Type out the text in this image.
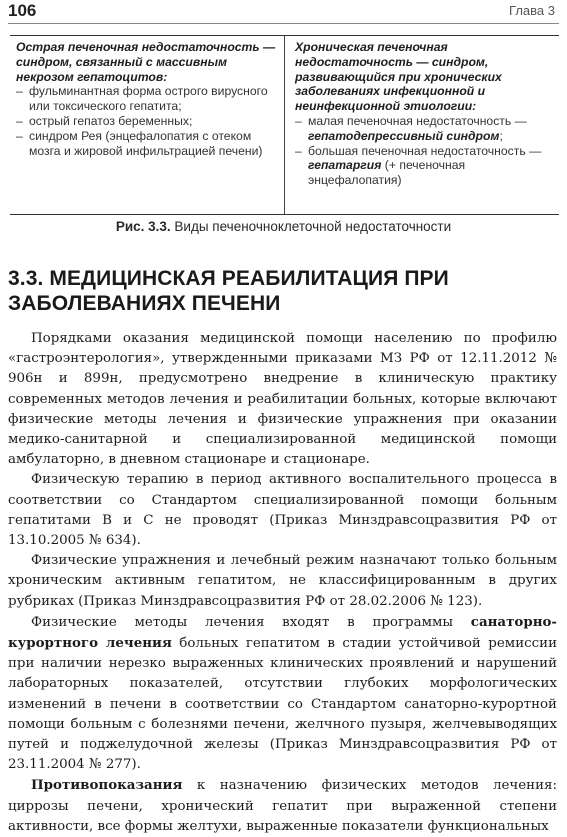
106	Глава 3
Острая печеночная недостаточность — синдром, связанный с массивным некрозом гепатоцитов:
– фульминантная форма острого вирусного или токсического гепатита;
– острый гепатоз беременных;
– синдром Рея (энцефалопатия с отеком мозга и жировой инфильтрацией печени)
Хроническая печеночная недостаточность — синдром, развивающийся при хронических заболеваниях инфекционной и неинфекционной этиологии:
– малая печеночная недостаточность — гепатодепрессивный синдром;
– большая печеночная недостаточность — гепатаргия (+ печеночная энцефалопатия)
Рис. 3.3. Виды печеночноклеточной недостаточности
3.3. МЕДИЦИНСКАЯ РЕАБИЛИТАЦИЯ ПРИ ЗАБОЛЕВАНИЯХ ПЕЧЕНИ

Порядками оказания медицинской помощи населению по профилю «гастроэнтерология», утвержденными приказами МЗ РФ от 12.11.2012 № 906н и 899н, предусмотрено внедрение в клиническую практику современных методов лечения и реабилитации больных, которые включают физические методы лечения и физические упражнения при оказании медико-санитарной и специализированной медицинской помощи амбулаторно, в дневном стационаре и стационаре.

Физическую терапию в период активного воспалительного процесса в соответствии со Стандартом специализированной помощи больным гепатитами В и С не проводят (Приказ Минздравсоцразвития РФ от 13.10.2005 № 634).

Физические упражнения и лечебный режим назначают только больным хроническим активным гепатитом, не классифицированным в других рубриках (Приказ Минздравсоцразвития РФ от 28.02.2006 № 123).

Физические методы лечения входят в программы санаторно-курортного лечения больных гепатитом в стадии устойчивой ремиссии при наличии нерезко выраженных клинических проявлений и нарушений лабораторных показателей, отсутствии глубоких морфологических изменений в печени в соответствии со Стандартом санаторно-курортной помощи больным с болезнями печени, желчного пузыря, желчевыводящих путей и поджелудочной железы (Приказ Минздравсоцразвития РФ от 23.11.2004 № 277).

Противопоказания к назначению физических методов лечения: циррозы печени, хронический гепатит при выраженной степени активности, все формы желтухи, выраженные показатели функциональных
